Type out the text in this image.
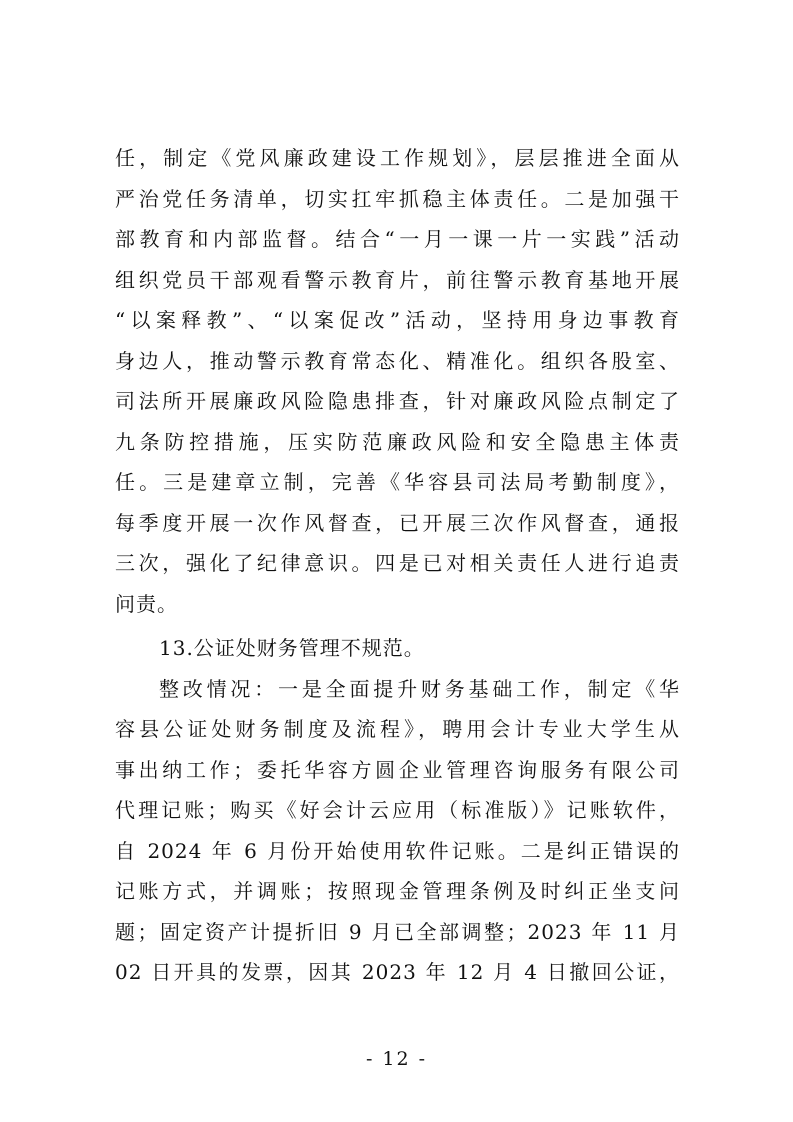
任，制定《党风廉政建设工作规划》，层层推进全面从
严治党任务清单，切实扛牢抓稳主体责任。二是加强干
部教育和内部监督。结合“一月一课一片一实践”活动
组织党员干部观看警示教育片，前往警示教育基地开展
“以案释教”、“以案促改”活动，坚持用身边事教育
身边人，推动警示教育常态化、精准化。组织各股室、
司法所开展廉政风险隐患排查，针对廉政风险点制定了
九条防控措施，压实防范廉政风险和安全隐患主体责
任。三是建章立制，完善《华容县司法局考勤制度》，
每季度开展一次作风督查，已开展三次作风督查，通报
三次，强化了纪律意识。四是已对相关责任人进行追责
问责。
13.公证处财务管理不规范。
整改情况：一是全面提升财务基础工作，制定《华
容县公证处财务制度及流程》，聘用会计专业大学生从
事出纳工作；委托华容方圆企业管理咨询服务有限公司
代理记账；购买《好会计云应用（标准版）》记账软件，
自 2024 年 6 月份开始使用软件记账。二是纠正错误的
记账方式，并调账；按照现金管理条例及时纠正坐支问
题；固定资产计提折旧 9 月已全部调整；2023 年 11 月
02 日开具的发票，因其 2023 年 12 月 4 日撤回公证，
- 12 -
